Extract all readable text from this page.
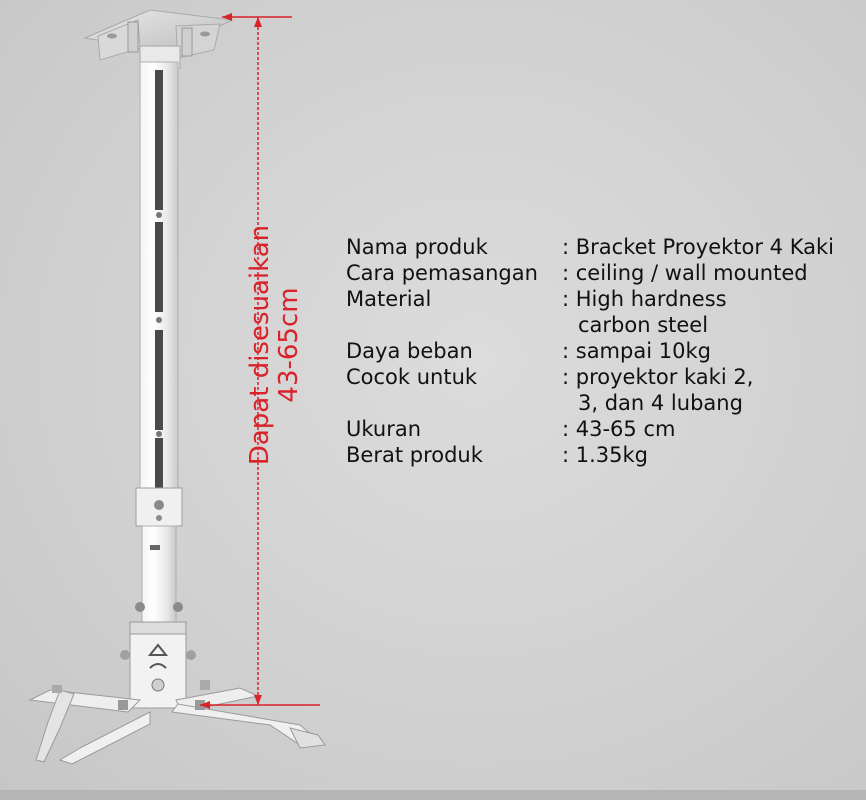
Dapat disesuaikan 43-65cm
Nama produk	: Bracket Proyektor 4 Kaki

Cara pemasangan	: ceiling / wall mounted

Material	: High hardness
carbon steel

Daya beban	: sampai 10kg

Cocok untuk	: proyektor kaki 2,
3, dan 4 lubang

Ukuran	: 43-65 cm

Berat produk	: 1.35kg
